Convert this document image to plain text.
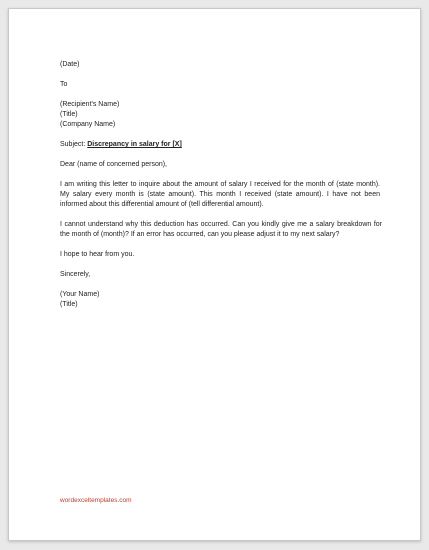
(Date)
To
(Recipient's Name)
(Title)
(Company Name)
Subject: Discrepancy in salary for [X]
Dear (name of concerned person),
I am writing this letter to inquire about the amount of salary I received for the month of (state month). My salary every month is (state amount). This month I received (state amount). I have not been informed about this differential amount of (tell differential amount).
I cannot understand why this deduction has occurred. Can you kindly give me a salary breakdown for the month of (month)? If an error has occurred, can you please adjust it to my next salary?
I hope to hear from you.
Sincerely,
(Your Name)
(Title)
wordexceltemplates.com
